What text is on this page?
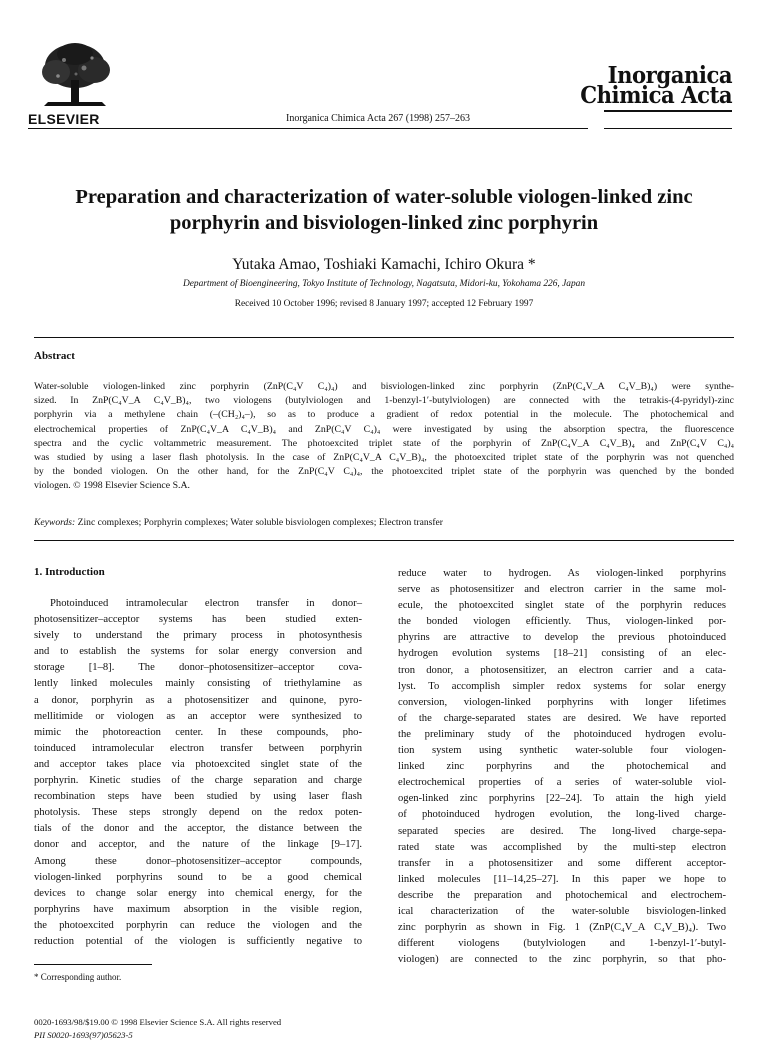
ELSEVIER	Inorganica Chimica Acta 267 (1998) 257–263
Inorganica
Chimica Acta
Preparation and characterization of water-soluble viologen-linked zinc
porphyrin and bisviologen-linked zinc porphyrin
Yutaka Amao, Toshiaki Kamachi, Ichiro Okura *
Department of Bioengineering, Tokyo Institute of Technology, Nagatsuta, Midori-ku, Yokohama 226, Japan
Received 10 October 1996; revised 8 January 1997; accepted 12 February 1997
Abstract
Water-soluble viologen-linked zinc porphyrin (ZnP(C₄V C₄)₄) and bisviologen-linked zinc porphyrin (ZnP(C₄V_A C₄V_B)₄) were synthe-
sized. In ZnP(C₄V_A C₄V_B)₄, two viologens (butylviologen and 1-benzyl-1′-butylviologen) are connected with the tetrakis-(4-pyridyl)-zinc
porphyrin via a methylene chain (–(CH₂)₄–), so as to produce a gradient of redox potential in the molecule. The photochemical and
electrochemical properties of ZnP(C₄V_A C₄V_B)₄ and ZnP(C₄V C₄)₄ were investigated by using the absorption spectra, the fluorescence
spectra and the cyclic voltammetric measurement. The photoexcited triplet state of the porphyrin of ZnP(C₄V_A C₄V_B)₄ and ZnP(C₄V C₄)₄
was studied by using a laser flash photolysis. In the case of ZnP(C₄V_A C₄V_B)₄, the photoexcited triplet state of the porphyrin was not quenched
by the bonded viologen. On the other hand, for the ZnP(C₄V C₄)₄, the photoexcited triplet state of the porphyrin was quenched by the bonded
viologen. © 1998 Elsevier Science S.A.
Keywords: Zinc complexes; Porphyrin complexes; Water soluble bisviologen complexes; Electron transfer
1. Introduction
Photoinduced intramolecular electron transfer in donor–
photosensitizer–acceptor systems has been studied exten-
sively to understand the primary process in photosynthesis
and to establish the systems for solar energy conversion and
storage [1–8]. The donor–photosensitizer–acceptor cova-
lently linked molecules mainly consisting of triethylamine as
a donor, porphyrin as a photosensitizer and quinone, pyro-
mellitimide or viologen as an acceptor were synthesized to
mimic the photoreaction center. In these compounds, pho-
toinduced intramolecular electron transfer between porphyrin
and acceptor takes place via photoexcited singlet state of the
porphyrin. Kinetic studies of the charge separation and charge
recombination steps have been studied by using laser flash
photolysis. These steps strongly depend on the redox poten-
tials of the donor and the acceptor, the distance between the
donor and acceptor, and the nature of the linkage [9–17].
Among these donor–photosensitizer–acceptor compounds,
viologen-linked porphyrins sound to be a good chemical
devices to change solar energy into chemical energy, for the
porphyrins have maximum absorption in the visible region,
the photoexcited porphyrin can reduce the viologen and the
reduction potential of the viologen is sufficiently negative to
reduce water to hydrogen. As viologen-linked porphyrins
serve as photosensitizer and electron carrier in the same mol-
ecule, the photoexcited singlet state of the porphyrin reduces
the bonded viologen efficiently. Thus, viologen-linked por-
phyrins are attractive to develop the previous photoinduced
hydrogen evolution systems [18–21] consisting of an elec-
tron donor, a photosensitizer, an electron carrier and a cata-
lyst. To accomplish simpler redox systems for solar energy
conversion, viologen-linked porphyrins with longer lifetimes
of the charge-separated states are desired. We have reported
the preliminary study of the photoinduced hydrogen evolu-
tion system using synthetic water-soluble four viologen-
linked zinc porphyrins and the photochemical and
electrochemical properties of a series of water-soluble viol-
ogen-linked zinc porphyrins [22–24]. To attain the high yield
of photoinduced hydrogen evolution, the long-lived charge-
separated species are desired. The long-lived charge-sepa-
rated state was accomplished by the multi-step electron
transfer in a photosensitizer and some different acceptor-
linked molecules [11–14,25–27]. In this paper we hope to
describe the preparation and photochemical and electrochem-
ical characterization of the water-soluble bisviologen-linked
zinc porphyrin as shown in Fig. 1 (ZnP(C₄V_A C₄V_B)₄). Two
different viologens (butylviologen and 1-benzyl-1′-butyl-
viologen) are connected to the zinc porphyrin, so that pho-
* Corresponding author.
0020-1693/98/$19.00 © 1998 Elsevier Science S.A. All rights reserved
PII S0020-1693(97)05623-5
